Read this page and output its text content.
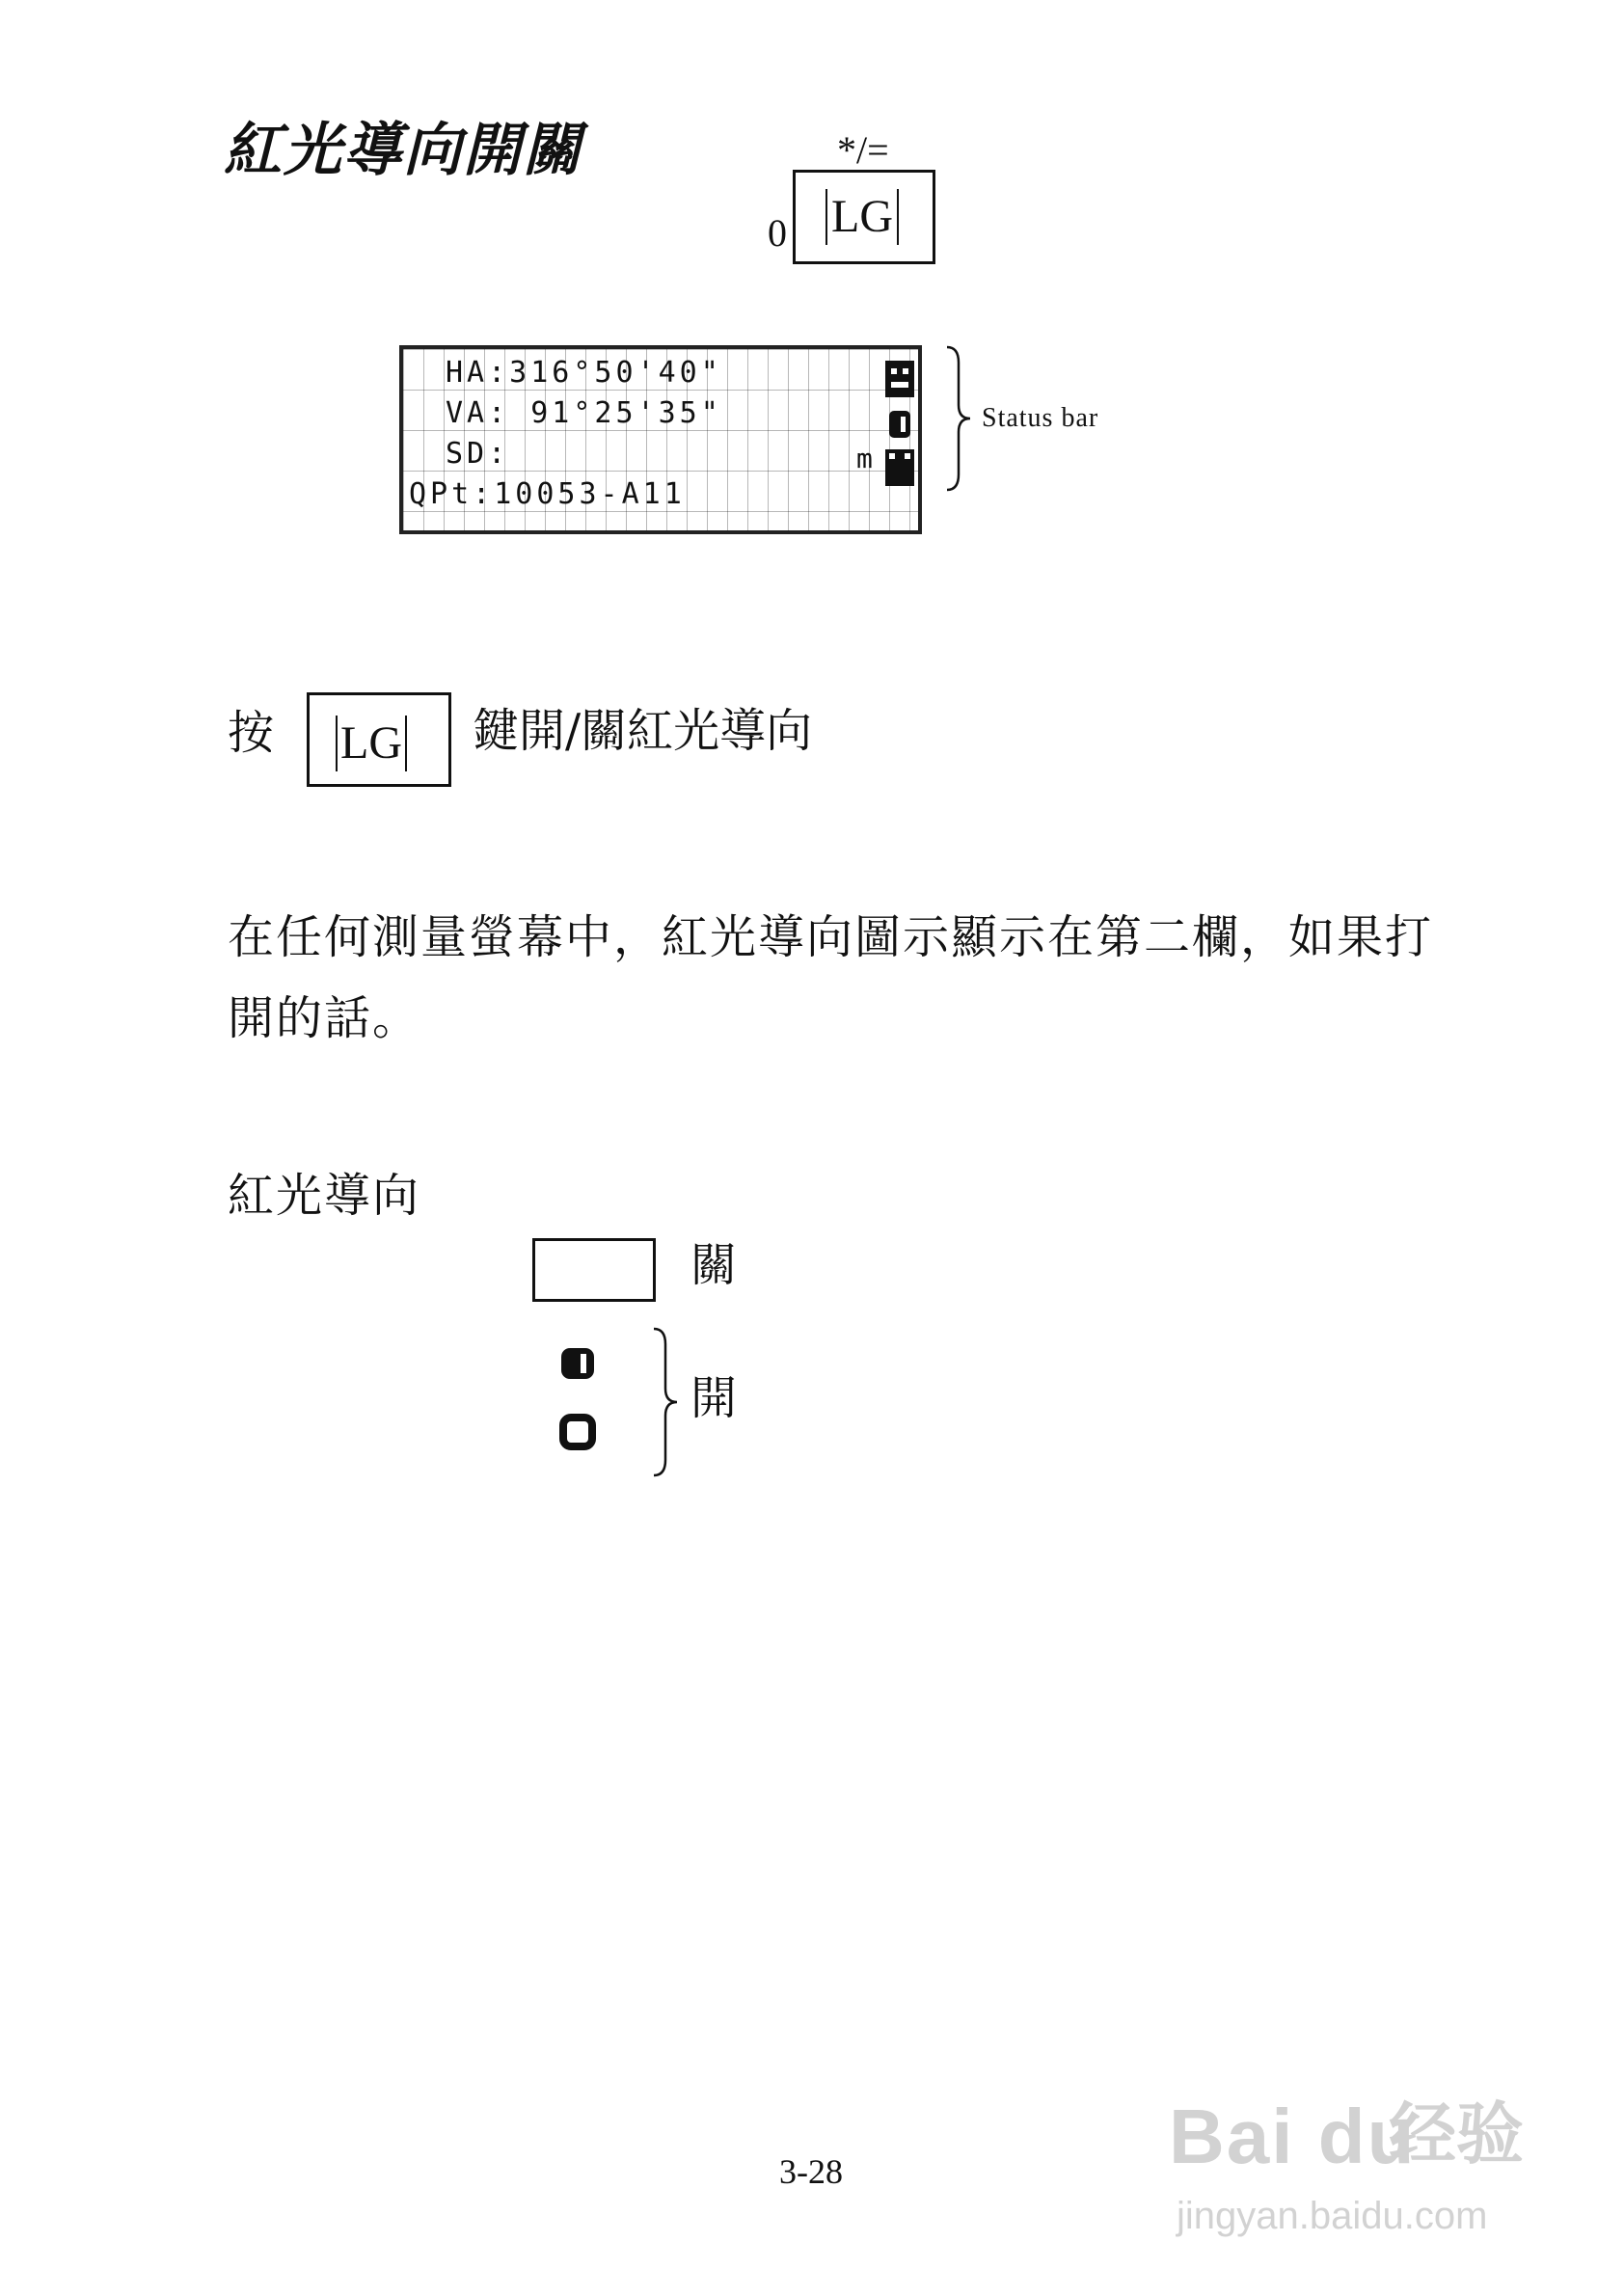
紅光導向開關	*/=
0 LG
HA:316°50'40"
VA: 91°25'35"
SD:
QPt:10053-A11
m
Status bar
按 LG 鍵開/關紅光導向
在任何測量螢幕中，紅光導向圖示顯示在第二欄，如果打開的話。
紅光導向
關
開
3-28	Bai du
经验
jingyan.baidu.com
